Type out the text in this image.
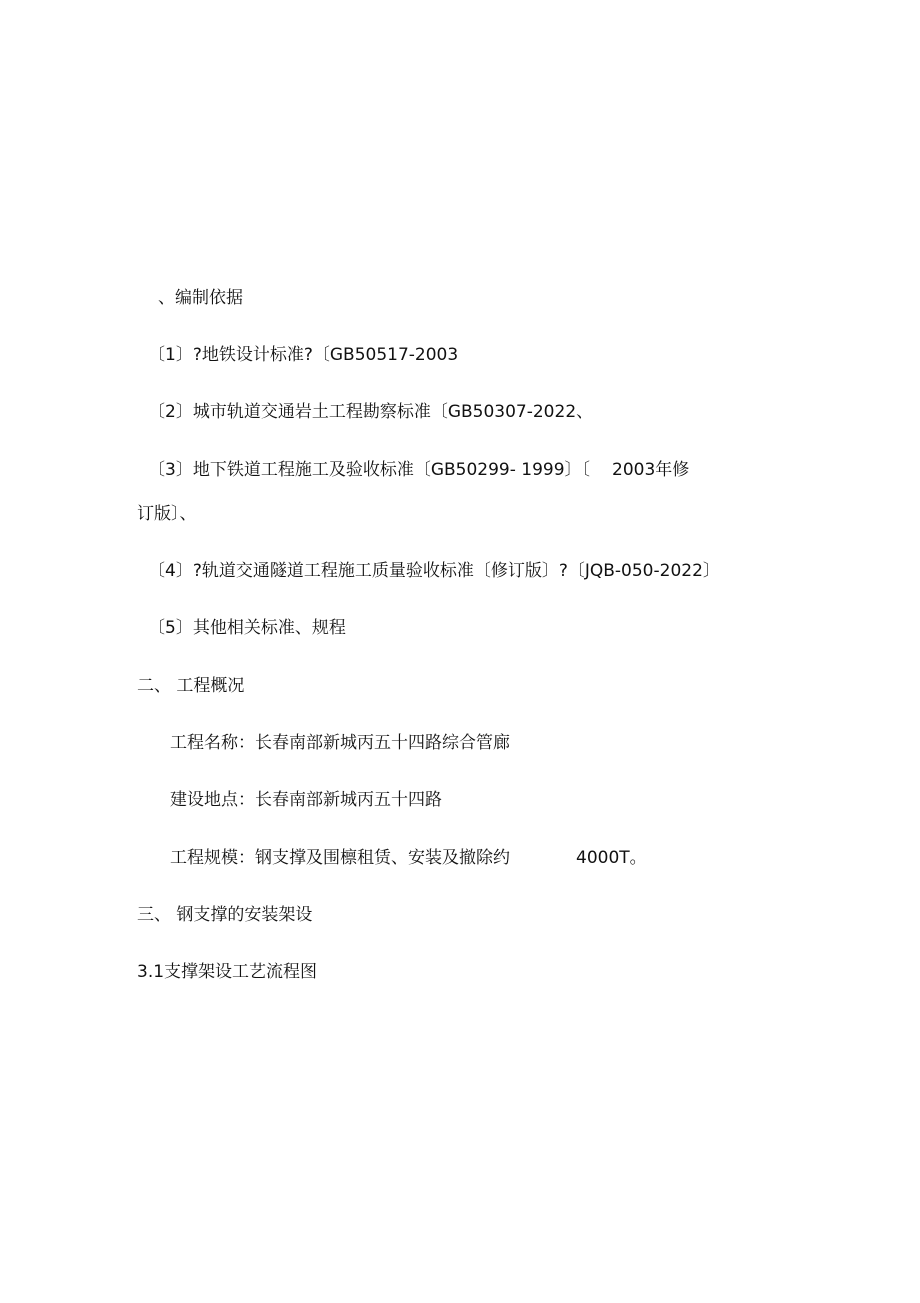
、编制依据
〔1〕?地铁设计标准?〔GB50517-2003
〔2〕城市轨道交通岩土工程勘察标准〔GB50307-2022、
〔3〕地下铁道工程施工及验收标准〔GB50299- 1999〕〔 2003年修
订版〕、
〔4〕?轨道交通隧道工程施工质量验收标准〔修订版〕?〔JQB-050-2022〕
〔5〕其他相关标准、规程
二、 工程概况
工程名称：长春南部新城丙五十四路综合管廊
建设地点：长春南部新城丙五十四路
工程规模：钢支撑及围檩租赁、安装及撤除约	4000T。
三、 钢支撑的安装架设
3.1支撑架设工艺流程图
